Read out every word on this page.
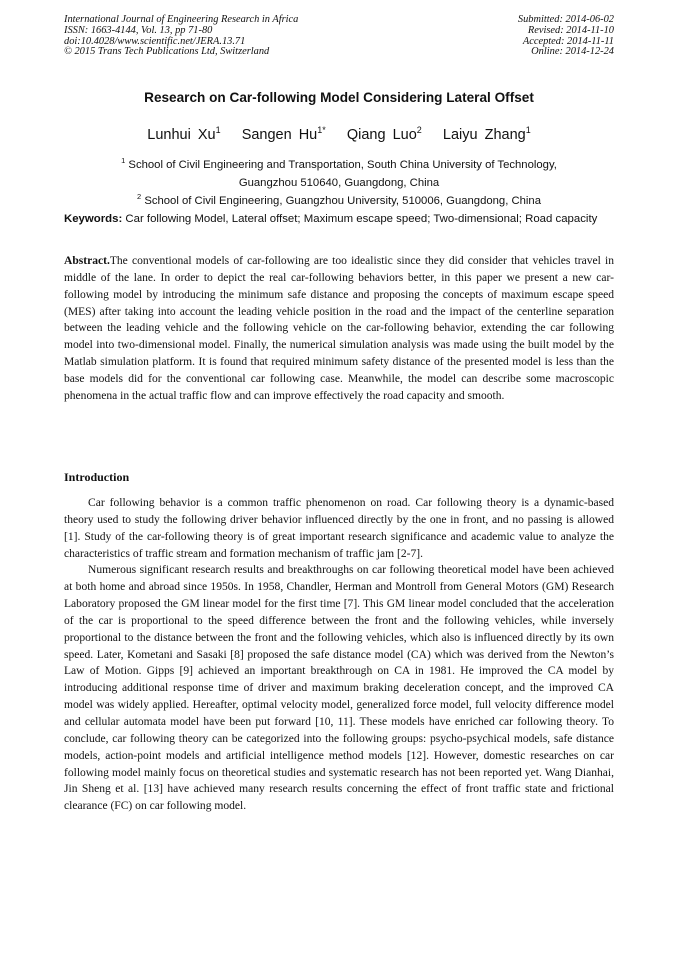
International Journal of Engineering Research in Africa
ISSN: 1663-4144, Vol. 13, pp 71-80
doi:10.4028/www.scientific.net/JERA.13.71
© 2015 Trans Tech Publications Ltd, Switzerland
Submitted: 2014-06-02
Revised: 2014-11-10
Accepted: 2014-11-11
Online: 2014-12-24
Research on Car-following Model Considering Lateral Offset
Lunhui Xu$^1$ Sangen $Hu^{1*}$ Qiang Luo$^2$ Laiyu Zhang$^1$
$^1$ School of Civil Engineering and Transportation, South China University of Technology,
Guangzhou 510640, Guangdong, China
$^2$ School of Civil Engineering, Guangzhou University, 510006, Guangdong, China
Keywords: Car following Model, Lateral offset; Maximum escape speed; Two-dimensional; Road capacity
Abstract.The conventional models of car-following are too idealistic since they did consider that vehicles travel in middle of the lane. In order to depict the real car-following behaviors better, in this paper we present a new car-following model by introducing the minimum safe distance and proposing the concepts of maximum escape speed (MES) after taking into account the leading vehicle position in the road and the impact of the centerline separation between the leading vehicle and the following vehicle on the car-following behavior, extending the car following model into two-dimensional model. Finally, the numerical simulation analysis was made using the built model by the Matlab simulation platform. It is found that required minimum safety distance of the presented model is less than the base models did for the conventional car following case. Meanwhile, the model can describe some macroscopic phenomena in the actual traffic flow and can improve effectively the road capacity and smooth.
Introduction

Car following behavior is a common traffic phenomenon on road. Car following theory is a dynamic-based theory used to study the following driver behavior influenced directly by the one in front, and no passing is allowed [1]. Study of the car-following theory is of great important research significance and academic value to analyze the characteristics of traffic stream and formation mechanism of traffic jam [2-7].

Numerous significant research results and breakthroughs on car following theoretical model have been achieved at both home and abroad since 1950s. In 1958, Chandler, Herman and Montroll from General Motors (GM) Research Laboratory proposed the GM linear model for the first time [7]. This GM linear model concluded that the acceleration of the car is proportional to the speed difference between the front and the following vehicles, while inversely proportional to the distance between the front and the following vehicles, which also is influenced directly by its own speed. Later, Kometani and Sasaki [8] proposed the safe distance model (CA) which was derived from the Newton’s Law of Motion. Gipps [9] achieved an important breakthrough on CA in 1981. He improved the CA model by introducing additional response time of driver and maximum braking deceleration concept, and the improved CA model was widely applied. Hereafter, optimal velocity model, generalized force model, full velocity difference model and cellular automata model have been put forward [10, 11]. These models have enriched car following theory. To conclude, car following theory can be categorized into the following groups: psycho-psychical models, safe distance models, action-point models and artificial intelligence method models [12]. However, domestic researches on car following model mainly focus on theoretical studies and systematic research has not been reported yet. Wang Dianhai, Jin Sheng et al. [13] have achieved many research results concerning the effect of front traffic state and frictional clearance (FC) on car following model.
